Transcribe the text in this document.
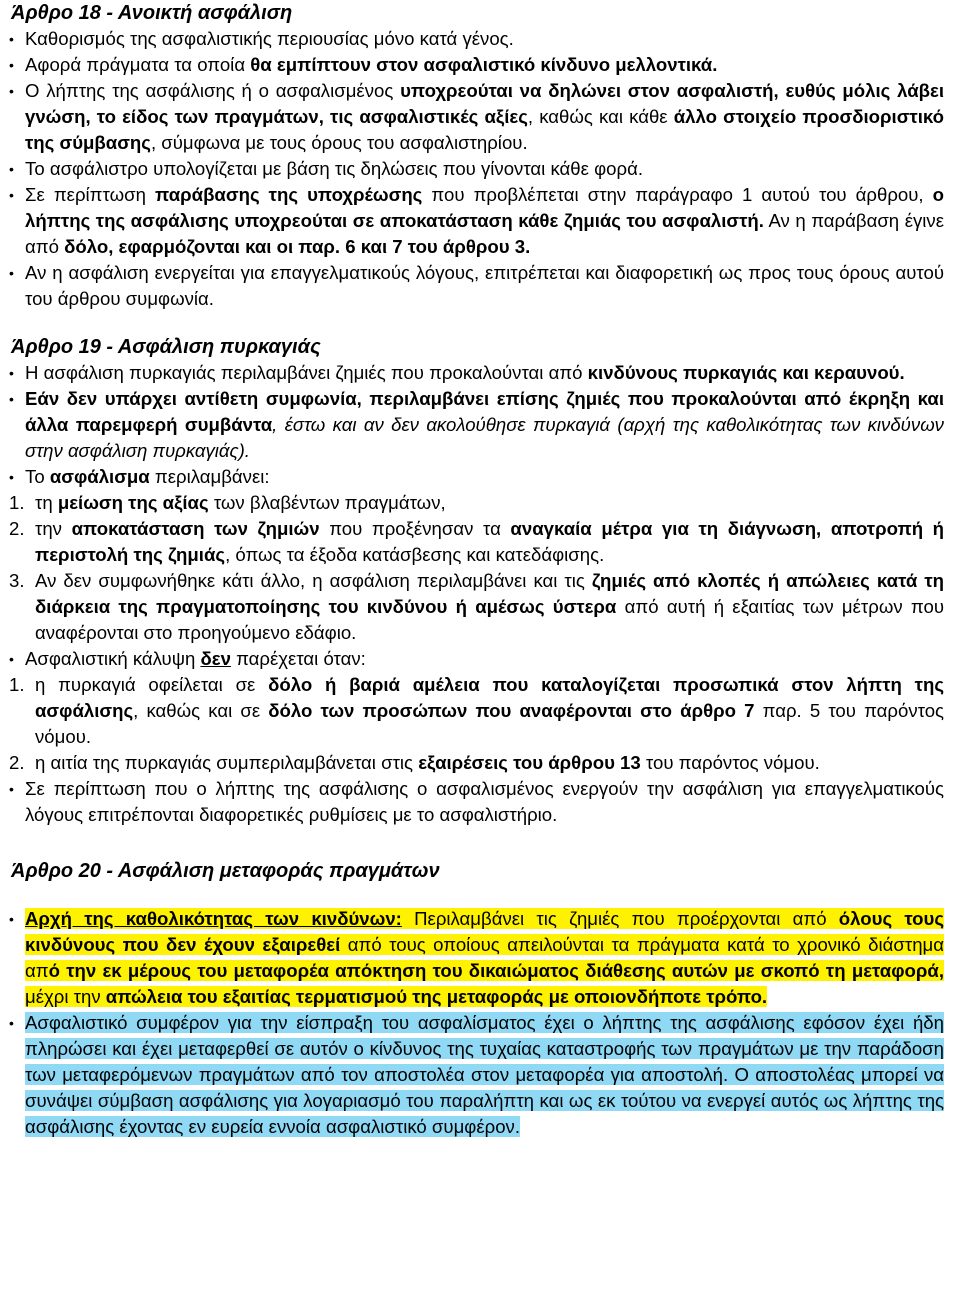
Άρθρο 18 - Ανοικτή ασφάλιση

• Καθορισμός της ασφαλιστικής περιουσίας μόνο κατά γένος.

• Αφορά πράγματα τα οποία θα εμπίπτουν στον ασφαλιστικό κίνδυνο μελλοντικά.

• Ο λήπτης της ασφάλισης ή ο ασφαλισμένος υποχρεούται να δηλώνει στον ασφαλιστή, ευθύς μόλις λάβει γνώση, το είδος των πραγμάτων, τις ασφαλιστικές αξίες, καθώς και κάθε άλλο στοιχείο προσδιοριστικό της σύμβασης, σύμφωνα με τους όρους του ασφαλιστηρίου.

• Το ασφάλιστρο υπολογίζεται με βάση τις δηλώσεις που γίνονται κάθε φορά.

• Σε περίπτωση παράβασης της υποχρέωσης που προβλέπεται στην παράγραφο 1 αυτού του άρθρου, ο λήπτης της ασφάλισης υποχρεούται σε αποκατάσταση κάθε ζημιάς του ασφαλιστή. Αν η παράβαση έγινε από δόλο, εφαρμόζονται και οι παρ. 6 και 7 του άρθρου 3.

• Αν η ασφάλιση ενεργείται για επαγγελματικούς λόγους, επιτρέπεται και διαφορετική ως προς τους όρους αυτού του άρθρου συμφωνία.

Άρθρο 19 - Ασφάλιση πυρκαγιάς

• Η ασφάλιση πυρκαγιάς περιλαμβάνει ζημιές που προκαλούνται από κινδύνους πυρκαγιάς και κεραυνού.

• Εάν δεν υπάρχει αντίθετη συμφωνία, περιλαμβάνει επίσης ζημιές που προκαλούνται από έκρηξη και άλλα παρεμφερή συμβάντα, έστω και αν δεν ακολούθησε πυρκαγιά (αρχή της καθολικότητας των κινδύνων στην ασφάλιση πυρκαγιάς).

• Το ασφάλισμα περιλαμβάνει:

1. τη μείωση της αξίας των βλαβέντων πραγμάτων,

2. την αποκατάσταση των ζημιών που προξένησαν τα αναγκαία μέτρα για τη διάγνωση, αποτροπή ή περιστολή της ζημιάς, όπως τα έξοδα κατάσβεσης και κατεδάφισης.

3. Αν δεν συμφωνήθηκε κάτι άλλο, η ασφάλιση περιλαμβάνει και τις ζημιές από κλοπές ή απώλειες κατά τη διάρκεια της πραγματοποίησης του κινδύνου ή αμέσως ύστερα από αυτή ή εξαιτίας των μέτρων που αναφέρονται στο προηγούμενο εδάφιο.

• Ασφαλιστική κάλυψη δεν παρέχεται όταν:

1. η πυρκαγιά οφείλεται σε δόλο ή βαριά αμέλεια που καταλογίζεται προσωπικά στον λήπτη της ασφάλισης, καθώς και σε δόλο των προσώπων που αναφέρονται στο άρθρο 7 παρ. 5 του παρόντος νόμου.

2. η αιτία της πυρκαγιάς συμπεριλαμβάνεται στις εξαιρέσεις του άρθρου 13 του παρόντος νόμου.

• Σε περίπτωση που ο λήπτης της ασφάλισης ο ασφαλισμένος ενεργούν την ασφάλιση για επαγγελματικούς λόγους επιτρέπονται διαφορετικές ρυθμίσεις με το ασφαλιστήριο.

Άρθρο 20 - Ασφάλιση μεταφοράς πραγμάτων

• Αρχή της καθολικότητας των κινδύνων: Περιλαμβάνει τις ζημιές που προέρχονται από όλους τους κινδύνους που δεν έχουν εξαιρεθεί από τους οποίους απειλούνται τα πράγματα κατά το χρονικό διάστημα από την εκ μέρους του μεταφορέα απόκτηση του δικαιώματος διάθεσης αυτών με σκοπό τη μεταφορά, μέχρι την απώλεια του εξαιτίας τερματισμού της μεταφοράς με οποιονδήποτε τρόπο.

• Ασφαλιστικό συμφέρον για την είσπραξη του ασφαλίσματος έχει ο λήπτης της ασφάλισης εφόσον έχει ήδη πληρώσει και έχει μεταφερθεί σε αυτόν ο κίνδυνος της τυχαίας καταστροφής των πραγμάτων με την παράδοση των μεταφερόμενων πραγμάτων από τον αποστολέα στον μεταφορέα για αποστολή. Ο αποστολέας μπορεί να συνάψει σύμβαση ασφάλισης για λογαριασμό του παραλήπτη και ως εκ τούτου να ενεργεί αυτός ως λήπτης της ασφάλισης έχοντας εν ευρεία εννοία ασφαλιστικό συμφέρον.
